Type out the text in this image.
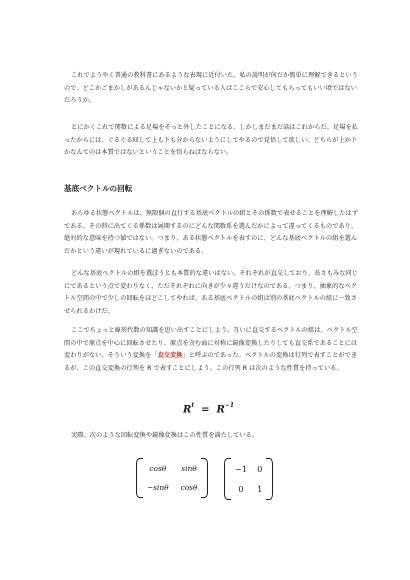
これでようやく普通の教科書にあるような表現に近付いた。私の説明が何だか簡単に理解できるというので、どこかごまかしがあるんじゃないかと疑っている人はここらで安心してもらってもいい頃ではないだろうか。

とにかくこれで関数による足場をそっと外したことになる。しかしまだまだ話はこれからだ。足場を払ったからには、ぐるぐる回して上も下も分からないようにしてやるので覚悟して欲しい。どちらが上か下かなんてのは本質ではないということを悟らねばならない。

基底ベクトルの回転

あらゆる状態ベクトルは、無限個の直行する基底ベクトルの組とその係数で表せることを理解したはずである。その時に出てくる係数は展開するのにどんな関数系を選んだかによって違ってくるものであり、絶対的な意味を持つ値ではない。つまり、ある状態ベクトルを表すのに、どんな基底ベクトルの組を選んだかという違いが現れているに過ぎないのである。

どんな基底ベクトルの組を選ぼうとも本質的な違いはない。それぞれが直交しており、長さもみな同じにであるという点で変わりなく、ただそれぞれに向きが少々違うだけなのである。つまり、抽象的なベクトル空間の中で少しの回転をほどこしてやれば、ある基底ベクトルの組は別の基底ベクトルの組に一致させられるわけだ。

ここでちょっと線形代数の知識を思い出すことにしよう。互いに直交するベクトルの組は、ベクトル空間の中で原点を中心に回転させたり、原点を含む面に対称に鏡像変換したりしても直交系であることには変わりがない。そういう変換を「直交変換」と呼ぶのであった。ベクトルの変換は行列で表すことができるが、この直交変換の行列を R で表すことにしよう。この行列 R は次のような性質を持っている。

$R^t = R^{-1}$

実際、次のような回転変換や鏡像変換はこの性質を満たしている。

cosθ	sinθ
−sinθ cosθ
−1 0
0	1
